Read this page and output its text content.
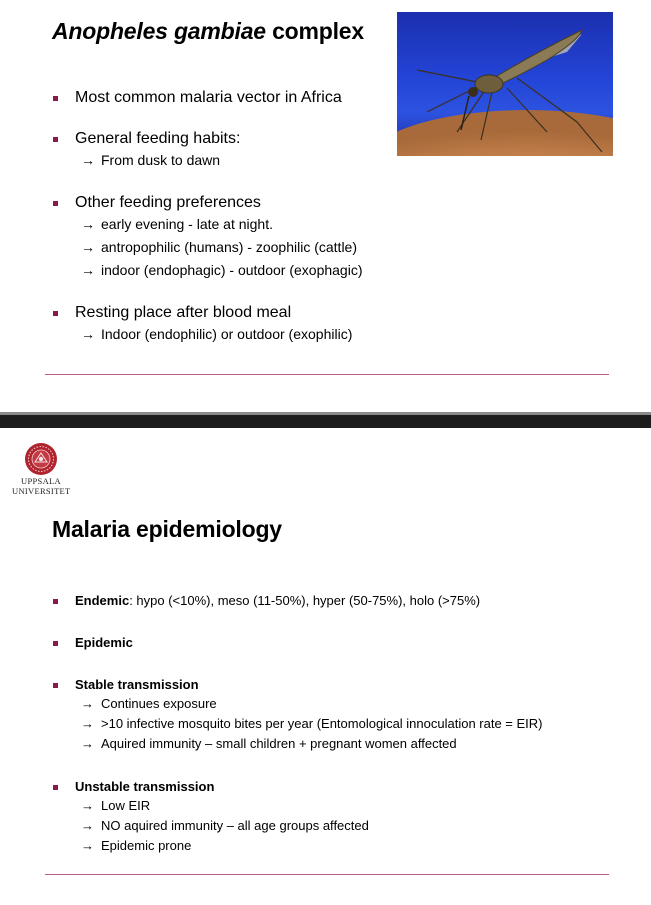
Anopheles gambiae complex
Most common malaria vector in Africa
General feeding habits:
→ From dusk to dawn
Other feeding preferences
→ early evening - late at night.
→ antropophilic (humans) - zoophilic (cattle)
→ indoor (endophagic) - outdoor (exophagic)
Resting place after blood meal
→ Indoor (endophilic) or outdoor (exophilic)
UPPSALA
UNIVERSITET
Malaria epidemiology
Endemic: hypo (<10%), meso (11-50%), hyper (50-75%), holo (>75%)
Epidemic
Stable transmission
→ Continues exposure
→ >10 infective mosquito bites per year (Entomological innoculation rate = EIR)
→ Aquired immunity – small children + pregnant women affected
Unstable transmission
→ Low EIR
→ NO aquired immunity – all age groups affected
→ Epidemic prone
